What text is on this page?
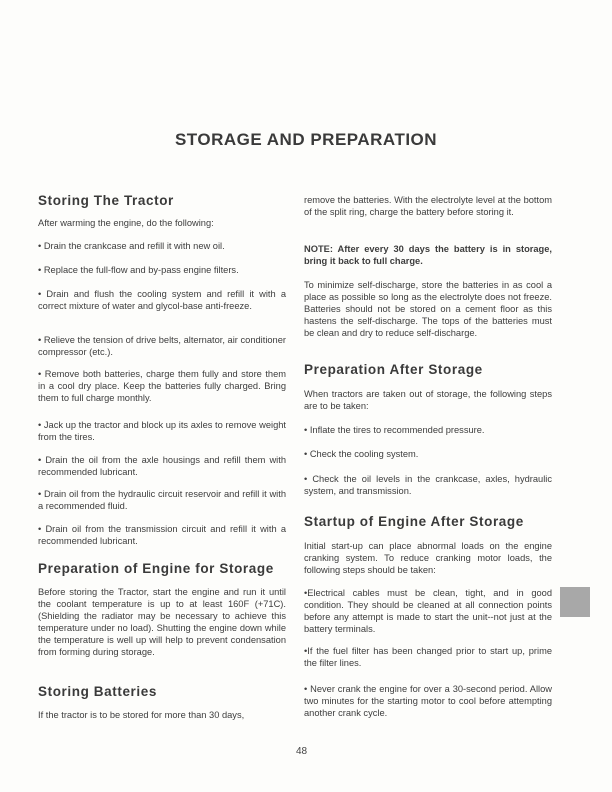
STORAGE AND PREPARATION
Storing The Tractor
After warming the engine, do the following:
• Drain the crankcase and refill it with new oil.
• Replace the full-flow and by-pass engine filters.
• Drain and flush the cooling system and refill it with a correct mixture of water and glycol-base anti-freeze.
• Relieve the tension of drive belts, alternator, air conditioner compressor (etc.).
• Remove both batteries, charge them fully and store them in a cool dry place. Keep the batteries fully charged. Bring them to full charge monthly.
• Jack up the tractor and block up its axles to remove weight from the tires.
• Drain the oil from the axle housings and refill them with recommended lubricant.
• Drain oil from the hydraulic circuit reservoir and refill it with a recommended fluid.
• Drain oil from the transmission circuit and refill it with a recommended lubricant.
Preparation of Engine for Storage
Before storing the Tractor, start the engine and run it until the coolant temperature is up to at least 160F (+71C). (Shielding the radiator may be necessary to achieve this temperature under no load). Shutting the engine down while the temperature is well up will help to prevent condensation from forming during storage.
Storing Batteries
If the tractor is to be stored for more than 30 days,
remove the batteries. With the electrolyte level at the bottom of the split ring, charge the battery before storing it.
NOTE: After every 30 days the battery is in storage, bring it back to full charge.
To minimize self-discharge, store the batteries in as cool a place as possible so long as the electrolyte does not freeze. Batteries should not be stored on a cement floor as this hastens the self-discharge. The tops of the batteries must be clean and dry to reduce self-discharge.
Preparation After Storage
When tractors are taken out of storage, the following steps are to be taken:
• Inflate the tires to recommended pressure.
• Check the cooling system.
• Check the oil levels in the crankcase, axles, hydraulic system, and transmission.
Startup of Engine After Storage
Initial start-up can place abnormal loads on the engine cranking system. To reduce cranking motor loads, the following steps should be taken:
•Electrical cables must be clean, tight, and in good condition. They should be cleaned at all connection points before any attempt is made to start the unit--not just at the battery terminals.
•If the fuel filter has been changed prior to start up, prime the filter lines.
• Never crank the engine for over a 30-second period. Allow two minutes for the starting motor to cool before attempting another crank cycle.
48
